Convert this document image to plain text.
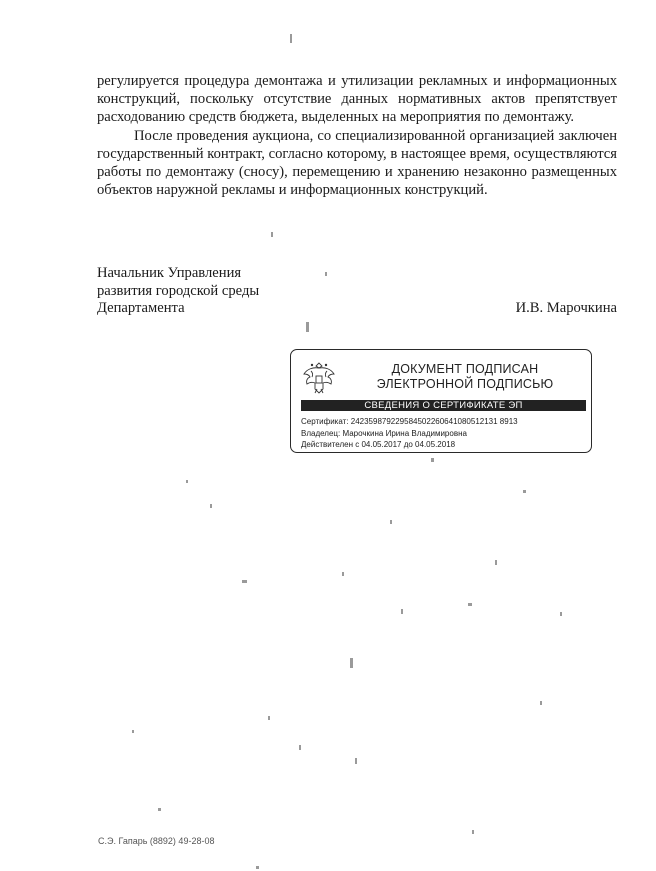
регулируется процедура демонтажа и утилизации рекламных и информационных конструкций, поскольку отсутствие данных нормативных актов препятствует расходованию средств бюджета, выделенных на мероприятия по демонтажу.

После проведения аукциона, со специализированной организацией заключен государственный контракт, согласно которому, в настоящее время, осуществляются работы по демонтажу (сносу), перемещению и хранению незаконно размещенных объектов наружной рекламы и информационных конструкций.

Начальник Управления
развития городской среды
Департамента	И.В. Марочкина
ДОКУМЕНТ ПОДПИСАН
ЭЛЕКТРОННОЙ ПОДПИСЬЮ
СВЕДЕНИЯ О СЕРТИФИКАТЕ ЭП
Сертификат: 242359879229584502260641080512131 8913
Владелец: Марочкина Ирина Владимировна
Действителен с 04.05.2017 до 04.05.2018
С.Э. Гапарь (8892) 49-28-08
